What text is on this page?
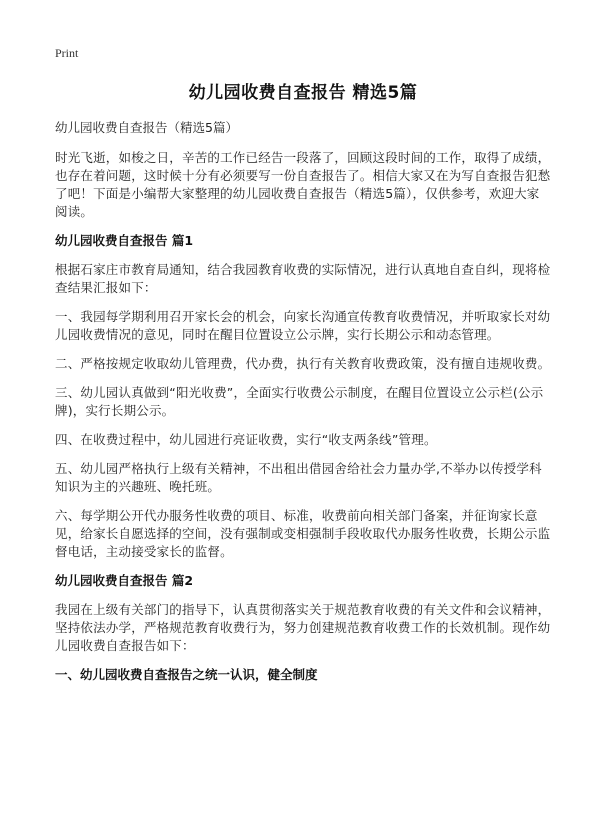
Print
幼儿园收费自查报告 精选5篇
幼儿园收费自查报告（精选5篇）

时光飞逝，如梭之日，辛苦的工作已经告一段落了，回顾这段时间的工作，取得了成绩，也存在着问题，这时候十分有必须要写一份自查报告了。相信大家又在为写自查报告犯愁了吧！下面是小编帮大家整理的幼儿园收费自查报告（精选5篇），仅供参考，欢迎大家阅读。

幼儿园收费自查报告 篇1

根据石家庄市教育局通知，结合我园教育收费的实际情况，进行认真地自查自纠，现将检查结果汇报如下：

一、我园每学期利用召开家长会的机会，向家长沟通宣传教育收费情况，并听取家长对幼儿园收费情况的意见，同时在醒目位置设立公示牌，实行长期公示和动态管理。

二、严格按规定收取幼儿管理费，代办费，执行有关教育收费政策，没有擅自违规收费。

三、幼儿园认真做到“阳光收费”，全面实行收费公示制度，在醒目位置设立公示栏(公示牌)，实行长期公示。

四、在收费过程中，幼儿园进行亮证收费，实行“收支两条线”管理。

五、幼儿园严格执行上级有关精神，不出租出借园舍给社会力量办学,不举办以传授学科知识为主的兴趣班、晚托班。

六、每学期公开代办服务性收费的项目、标准，收费前向相关部门备案，并征询家长意见，给家长自愿选择的空间，没有强制或变相强制手段收取代办服务性收费，长期公示监督电话，主动接受家长的监督。

幼儿园收费自查报告 篇2

我园在上级有关部门的指导下，认真贯彻落实关于规范教育收费的有关文件和会议精神，坚持依法办学，严格规范教育收费行为，努力创建规范教育收费工作的长效机制。现作幼儿园收费自查报告如下：

一、幼儿园收费自查报告之统一认识，健全制度
